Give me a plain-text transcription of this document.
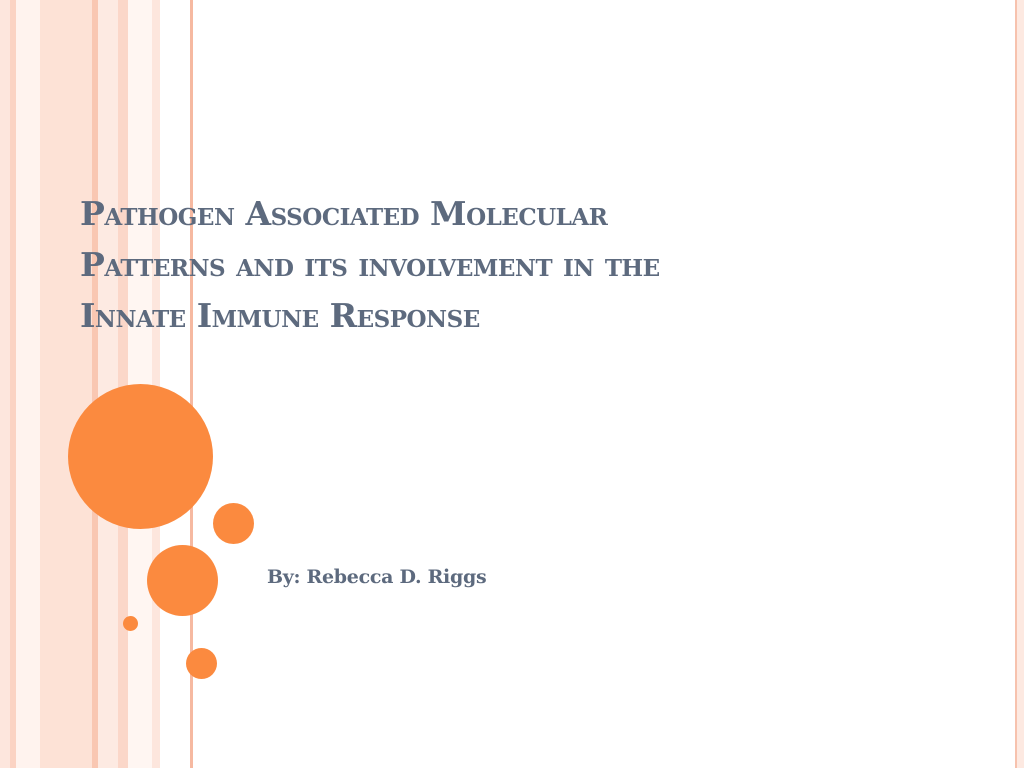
Pathogen Associated Molecular
Patterns and its involvement in the
Innate Immune Response

By: Rebecca D. Riggs
